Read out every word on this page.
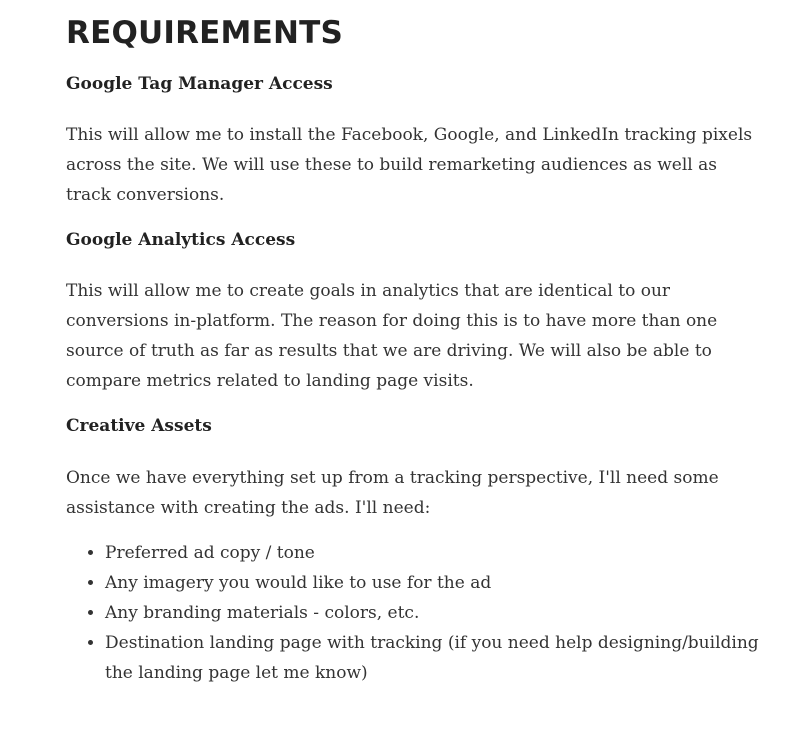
REQUIREMENTS
Google Tag Manager Access

This will allow me to install the Facebook, Google, and LinkedIn tracking pixels across the site. We will use these to build remarketing audiences as well as track conversions.

Google Analytics Access

This will allow me to create goals in analytics that are identical to our conversions in-platform. The reason for doing this is to have more than one source of truth as far as results that we are driving. We will also be able to compare metrics related to landing page visits.

Creative Assets

Once we have everything set up from a tracking perspective, I'll need some assistance with creating the ads. I'll need:

• Preferred ad copy / tone
• Any imagery you would like to use for the ad
• Any branding materials - colors, etc.
• Destination landing page with tracking (if you need help designing/building the landing page let me know)
